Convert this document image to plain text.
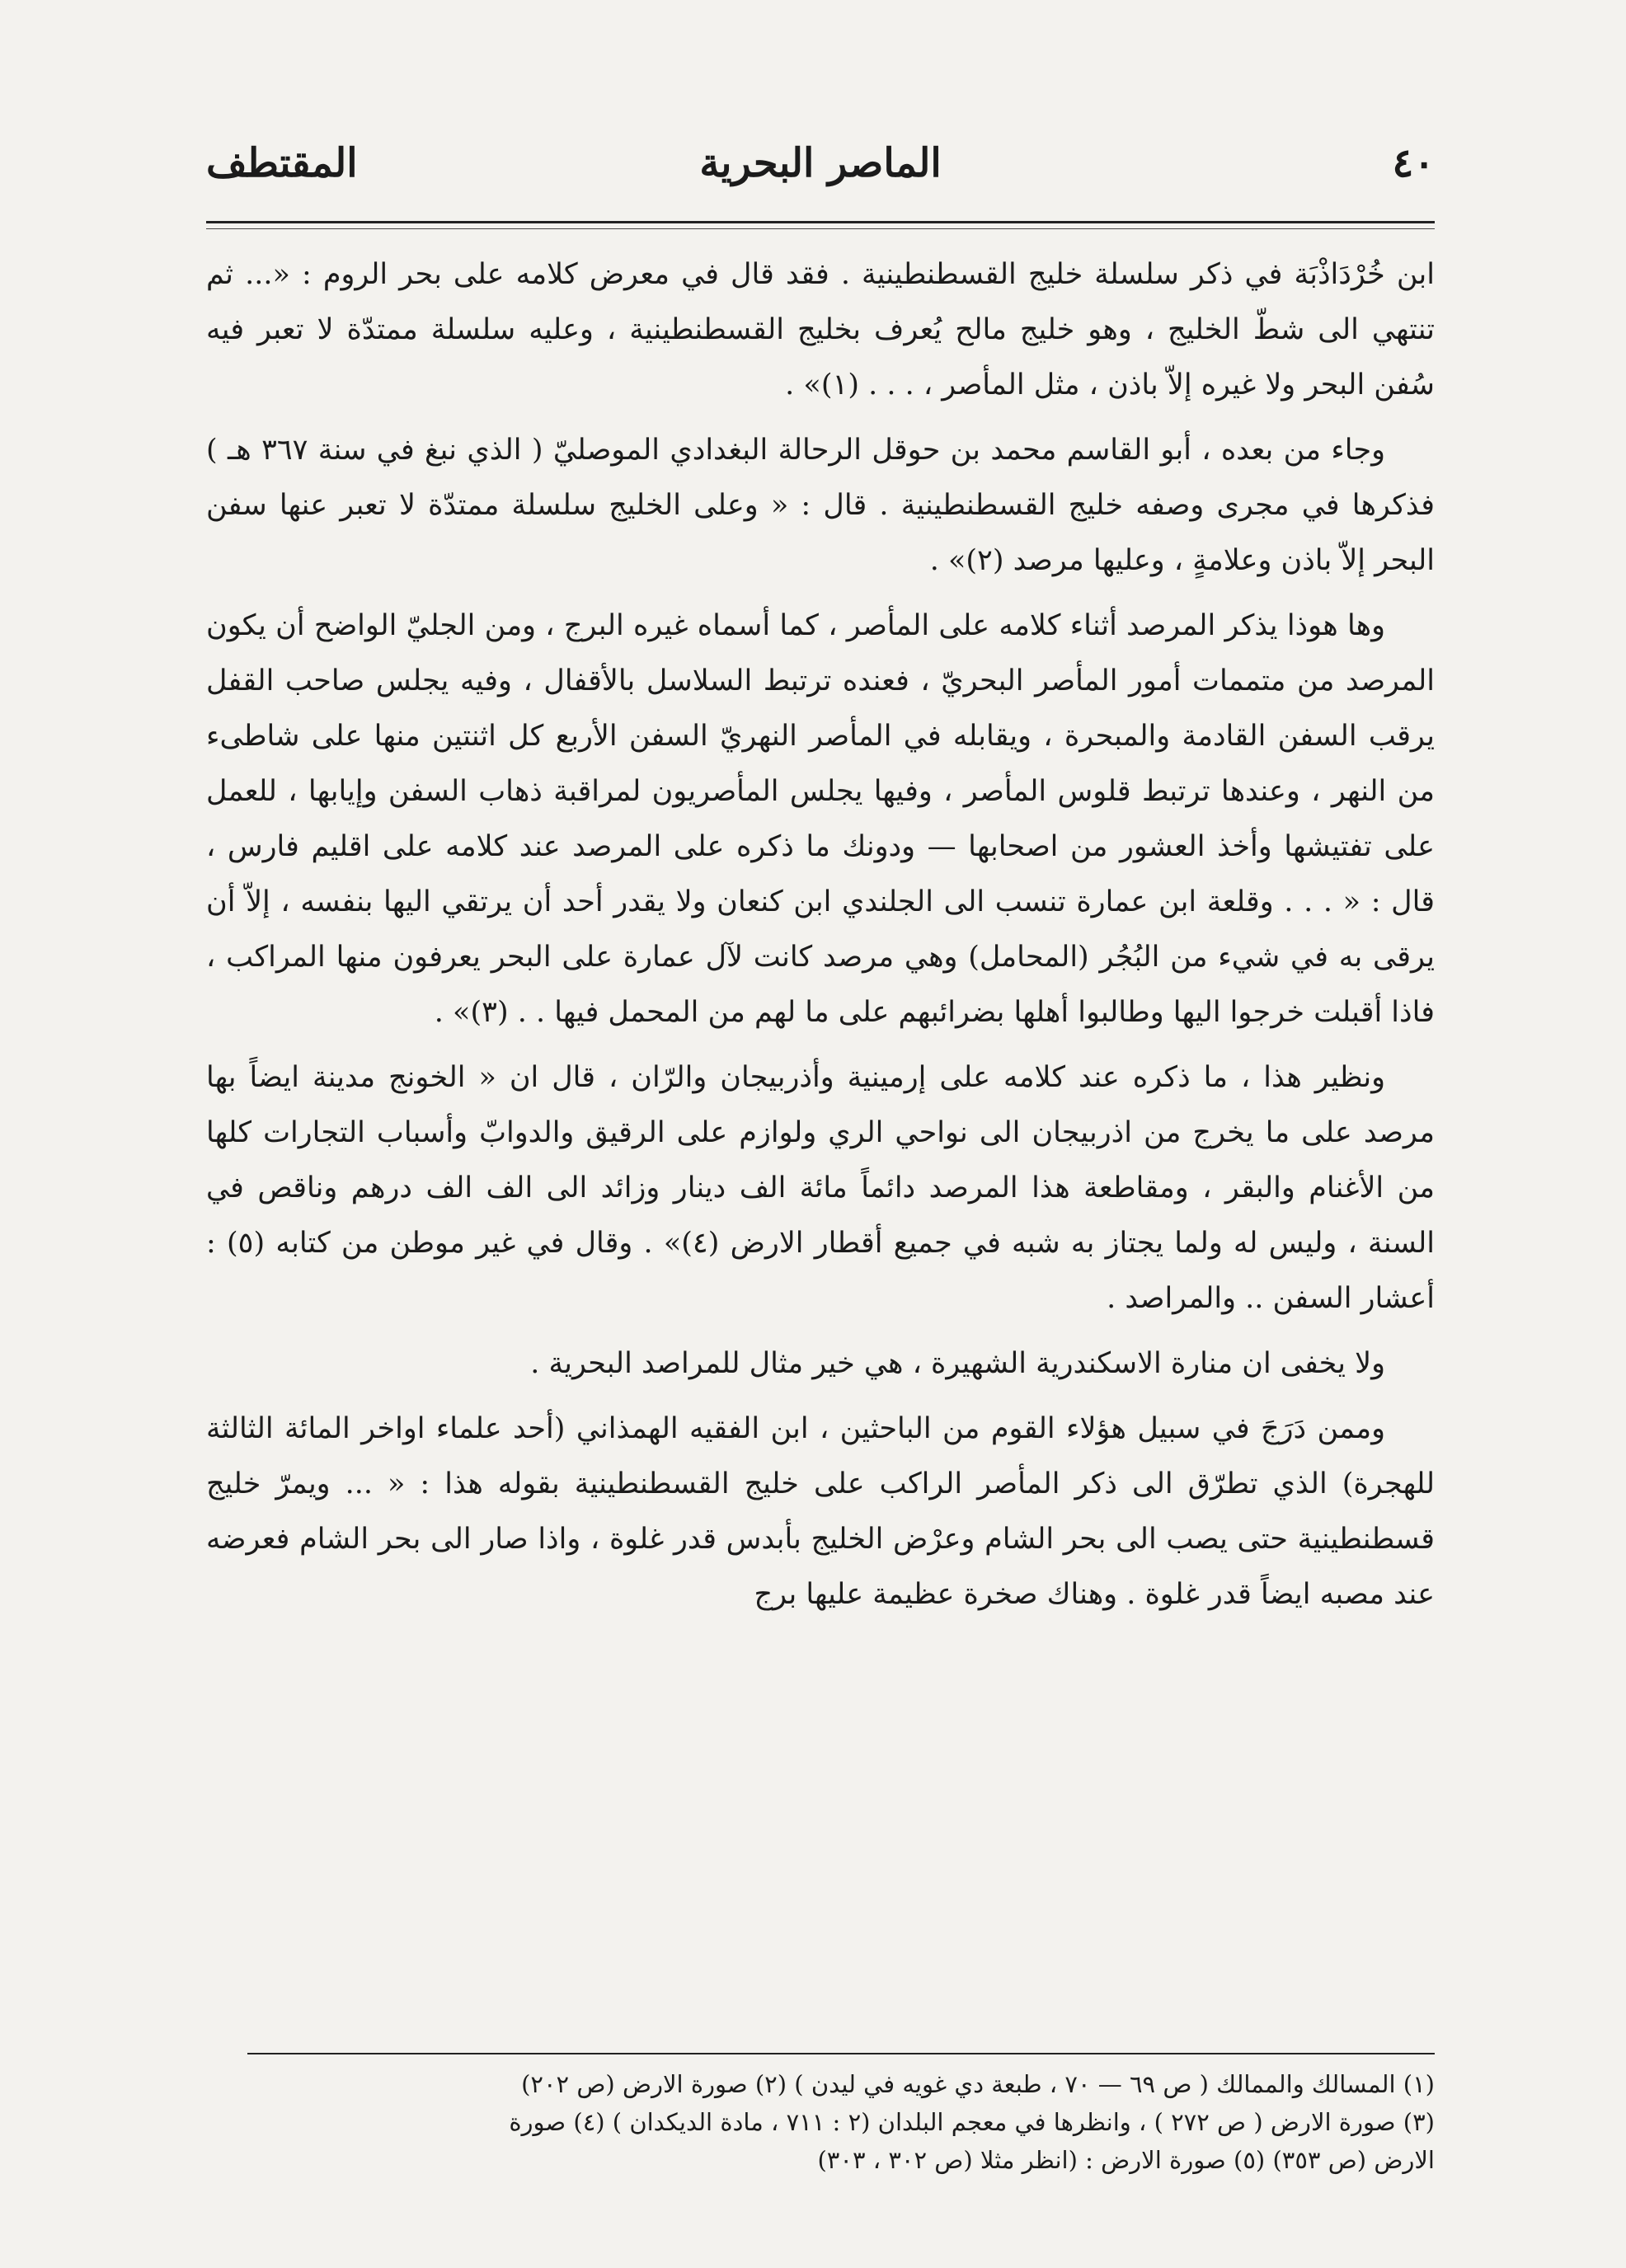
٤٠
الماصر البحرية
المقتطف

ابن خُرْدَاذْبَة في ذكر سلسلة خليج القسطنطينية . فقد قال في معرض كلامه على بحر الروم : «... ثم تنتهي الى شطّ الخليج ، وهو خليج مالح يُعرف بخليج القسطنطينية ، وعليه سلسلة ممتدّة لا تعبر فيه سُفن البحر ولا غيره إلاّ باذن ، مثل المأصر ، . . . (١)» .

وجاء من بعده ، أبو القاسم محمد بن حوقل الرحالة البغدادي الموصليّ ( الذي نبغ في سنة ٣٦٧ هـ ) فذكرها في مجرى وصفه خليج القسطنطينية . قال : « وعلى الخليج سلسلة ممتدّة لا تعبر عنها سفن البحر إلاّ باذن وعلامةٍ ، وعليها مرصد (٢)» .

وها هوذا يذكر المرصد أثناء كلامه على المأصر ، كما أسماه غيره البرج ، ومن الجليّ الواضح أن يكون المرصد من متممات أمور المأصر البحريّ ، فعنده ترتبط السلاسل بالأقفال ، وفيه يجلس صاحب القفل يرقب السفن القادمة والمبحرة ، ويقابله في المأصر النهريّ السفن الأربع كل اثنتين منها على شاطىء من النهر ، وعندها ترتبط قلوس المأصر ، وفيها يجلس المأصريون لمراقبة ذهاب السفن وإيابها ، للعمل على تفتيشها وأخذ العشور من اصحابها — ودونك ما ذكره على المرصد عند كلامه على اقليم فارس ، قال : « . . . وقلعة ابن عمارة تنسب الى الجلندي ابن كنعان ولا يقدر أحد أن يرتقي اليها بنفسه ، إلاّ أن يرقى به في شيء من البُجُر (المحامل) وهي مرصد كانت لآل عمارة على البحر يعرفون منها المراكب ، فاذا أقبلت خرجوا اليها وطالبوا أهلها بضرائبهم على ما لهم من المحمل فيها . . (٣)» .

ونظير هذا ، ما ذكره عند كلامه على إرمينية وأذربيجان والرّان ، قال ان « الخونج مدينة ايضاً بها مرصد على ما يخرج من اذربيجان الى نواحي الري ولوازم على الرقيق والدوابّ وأسباب التجارات كلها من الأغنام والبقر ، ومقاطعة هذا المرصد دائماً مائة الف دينار وزائد الى الف الف درهم وناقص في السنة ، وليس له ولما يجتاز به شبه في جميع أقطار الارض (٤)» . وقال في غير موطن من كتابه (٥) : أعشار السفن .. والمراصد .

ولا يخفى ان منارة الاسكندرية الشهيرة ، هي خير مثال للمراصد البحرية .

وممن دَرَجَ في سبيل هؤلاء القوم من الباحثين ، ابن الفقيه الهمذاني (أحد علماء اواخر المائة الثالثة للهجرة) الذي تطرّق الى ذكر المأصر الراكب على خليج القسطنطينية بقوله هذا : « ... ويمرّ خليج قسطنطينية حتى يصب الى بحر الشام وعرْض الخليج بأبدس قدر غلوة ، واذا صار الى بحر الشام فعرضه عند مصبه ايضاً قدر غلوة . وهناك صخرة عظيمة عليها برج

(١) المسالك والممالك ( ص ٦٩ — ٧٠ ، طبعة دي غويه في ليدن ) (٢) صورة الارض (ص ٢٠٢)
(٣) صورة الارض ( ص ٢٧٢ ) ، وانظرها في معجم البلدان (٢ : ٧١١ ، مادة الديكدان ) (٤) صورة
الارض (ص ٣٥٣) (٥) صورة الارض : (انظر مثلا (ص ٣٠٢ ، ٣٠٣)
